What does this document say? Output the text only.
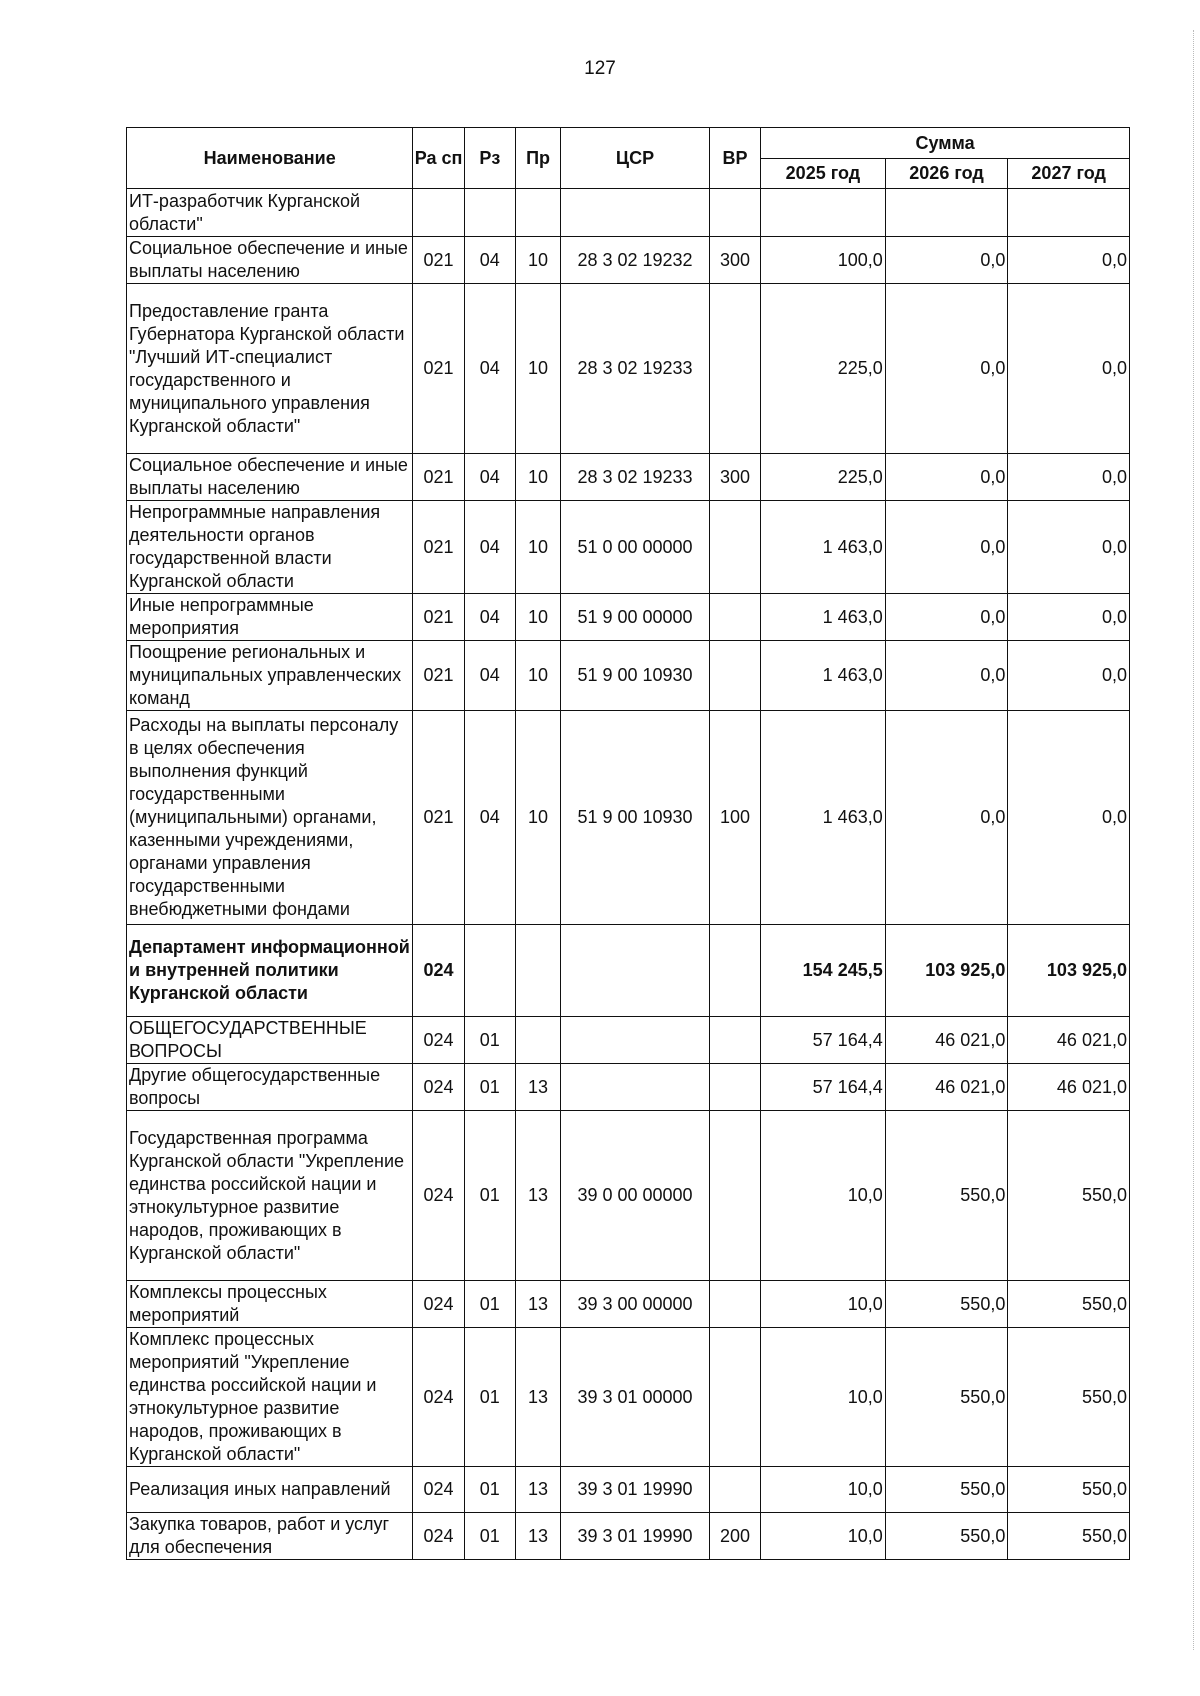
127
Наименование	Ра сп	Рз	Пр	ЦСР	ВР	Сумма		
						2025 год	2026 год	2027 год
ИТ-разработчик Курганской области"								
Социальное обеспечение и иные выплаты населению	021	04	10	28 3 02 19232	300	100,0	0,0	0,0
Предоставление гранта Губернатора Курганской области "Лучший ИТ-специалист государственного и муниципального управления Курганской области"	021	04	10	28 3 02 19233		225,0	0,0	0,0
Социальное обеспечение и иные выплаты населению	021	04	10	28 3 02 19233	300	225,0	0,0	0,0
Непрограммные направления деятельности органов государственной власти Курганской области	021	04	10	51 0 00 00000		1 463,0	0,0	0,0
Иные непрограммные мероприятия	021	04	10	51 9 00 00000		1 463,0	0,0	0,0
Поощрение региональных и муниципальных управленческих команд	021	04	10	51 9 00 10930		1 463,0	0,0	0,0
Расходы на выплаты персоналу в целях обеспечения выполнения функций государственными (муниципальными) органами, казенными учреждениями, органами управления государственными внебюджетными фондами	021	04	10	51 9 00 10930	100	1 463,0	0,0	0,0
Департамент информационной и внутренней политики Курганской области	024					154 245,5	103 925,0	103 925,0
ОБЩЕГОСУДАРСТВЕННЫЕ ВОПРОСЫ	024	01				57 164,4	46 021,0	46 021,0
Другие общегосударственные вопросы	024	01	13			57 164,4	46 021,0	46 021,0
Государственная программа Курганской области "Укрепление единства российской нации и этнокультурное развитие народов, проживающих в Курганской области"	024	01	13	39 0 00 00000		10,0	550,0	550,0
Комплексы процессных мероприятий	024	01	13	39 3 00 00000		10,0	550,0	550,0
Комплекс процессных мероприятий "Укрепление единства российской нации и этнокультурное развитие народов, проживающих в Курганской области"	024	01	13	39 3 01 00000		10,0	550,0	550,0
Реализация иных направлений	024	01	13	39 3 01 19990		10,0	550,0	550,0
Закупка товаров, работ и услуг для обеспечения	024	01	13	39 3 01 19990	200	10,0	550,0	550,0
